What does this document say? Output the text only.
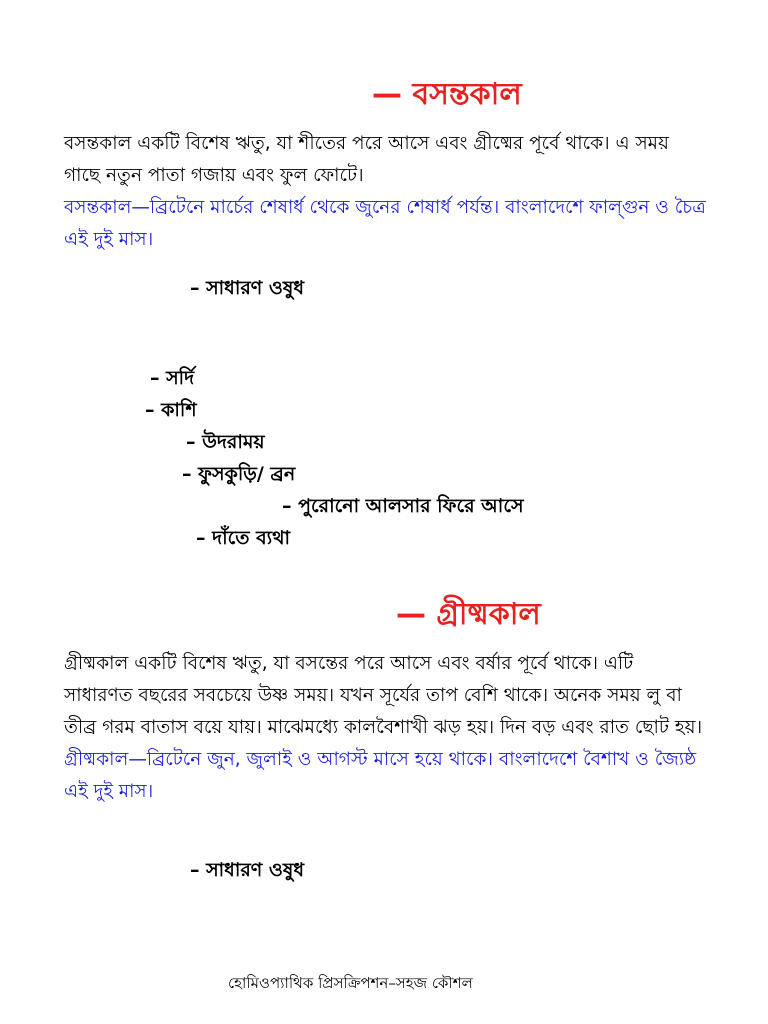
— বসন্তকাল

বসন্তকাল একটি বিশেষ ঋতু, যা শীতের পরে আসে এবং গ্রীষ্মের পূর্বে থাকে। এ সময় গাছে নতুন পাতা গজায় এবং ফুল ফোটে।

বসন্তকাল—ব্রিটেনে মার্চের শেষার্ধ থেকে জুনের শেষার্ধ পর্যন্ত। বাংলাদেশে ফাল্গুন ও চৈত্র এই দুই মাস।

– সাধারণ ওষুধ
– সর্দি
– কাশি
– উদরাময়
– ফুসকুড়ি/ ব্রন
– পুরোনো আলসার ফিরে আসে
– দাঁতে ব্যথা
— গ্রীষ্মকাল

গ্রীষ্মকাল একটি বিশেষ ঋতু, যা বসন্তের পরে আসে এবং বর্ষার পূর্বে থাকে। এটি সাধারণত বছরের সবচেয়ে উষ্ণ সময়। যখন সূর্যের তাপ বেশি থাকে। অনেক সময় লু বা তীব্র গরম বাতাস বয়ে যায়। মাঝেমধ্যে কালবৈশাখী ঝড় হয়। দিন বড় এবং রাত ছোট হয়।

গ্রীষ্মকাল—ব্রিটেনে জুন, জুলাই ও আগস্ট মাসে হয়ে থাকে। বাংলাদেশে বৈশাখ ও জ্যৈষ্ঠ এই দুই মাস।

– সাধারণ ওষুধ
হোমিওপ্যাথিক প্রিসক্রিপশন–সহজ কৌশল
